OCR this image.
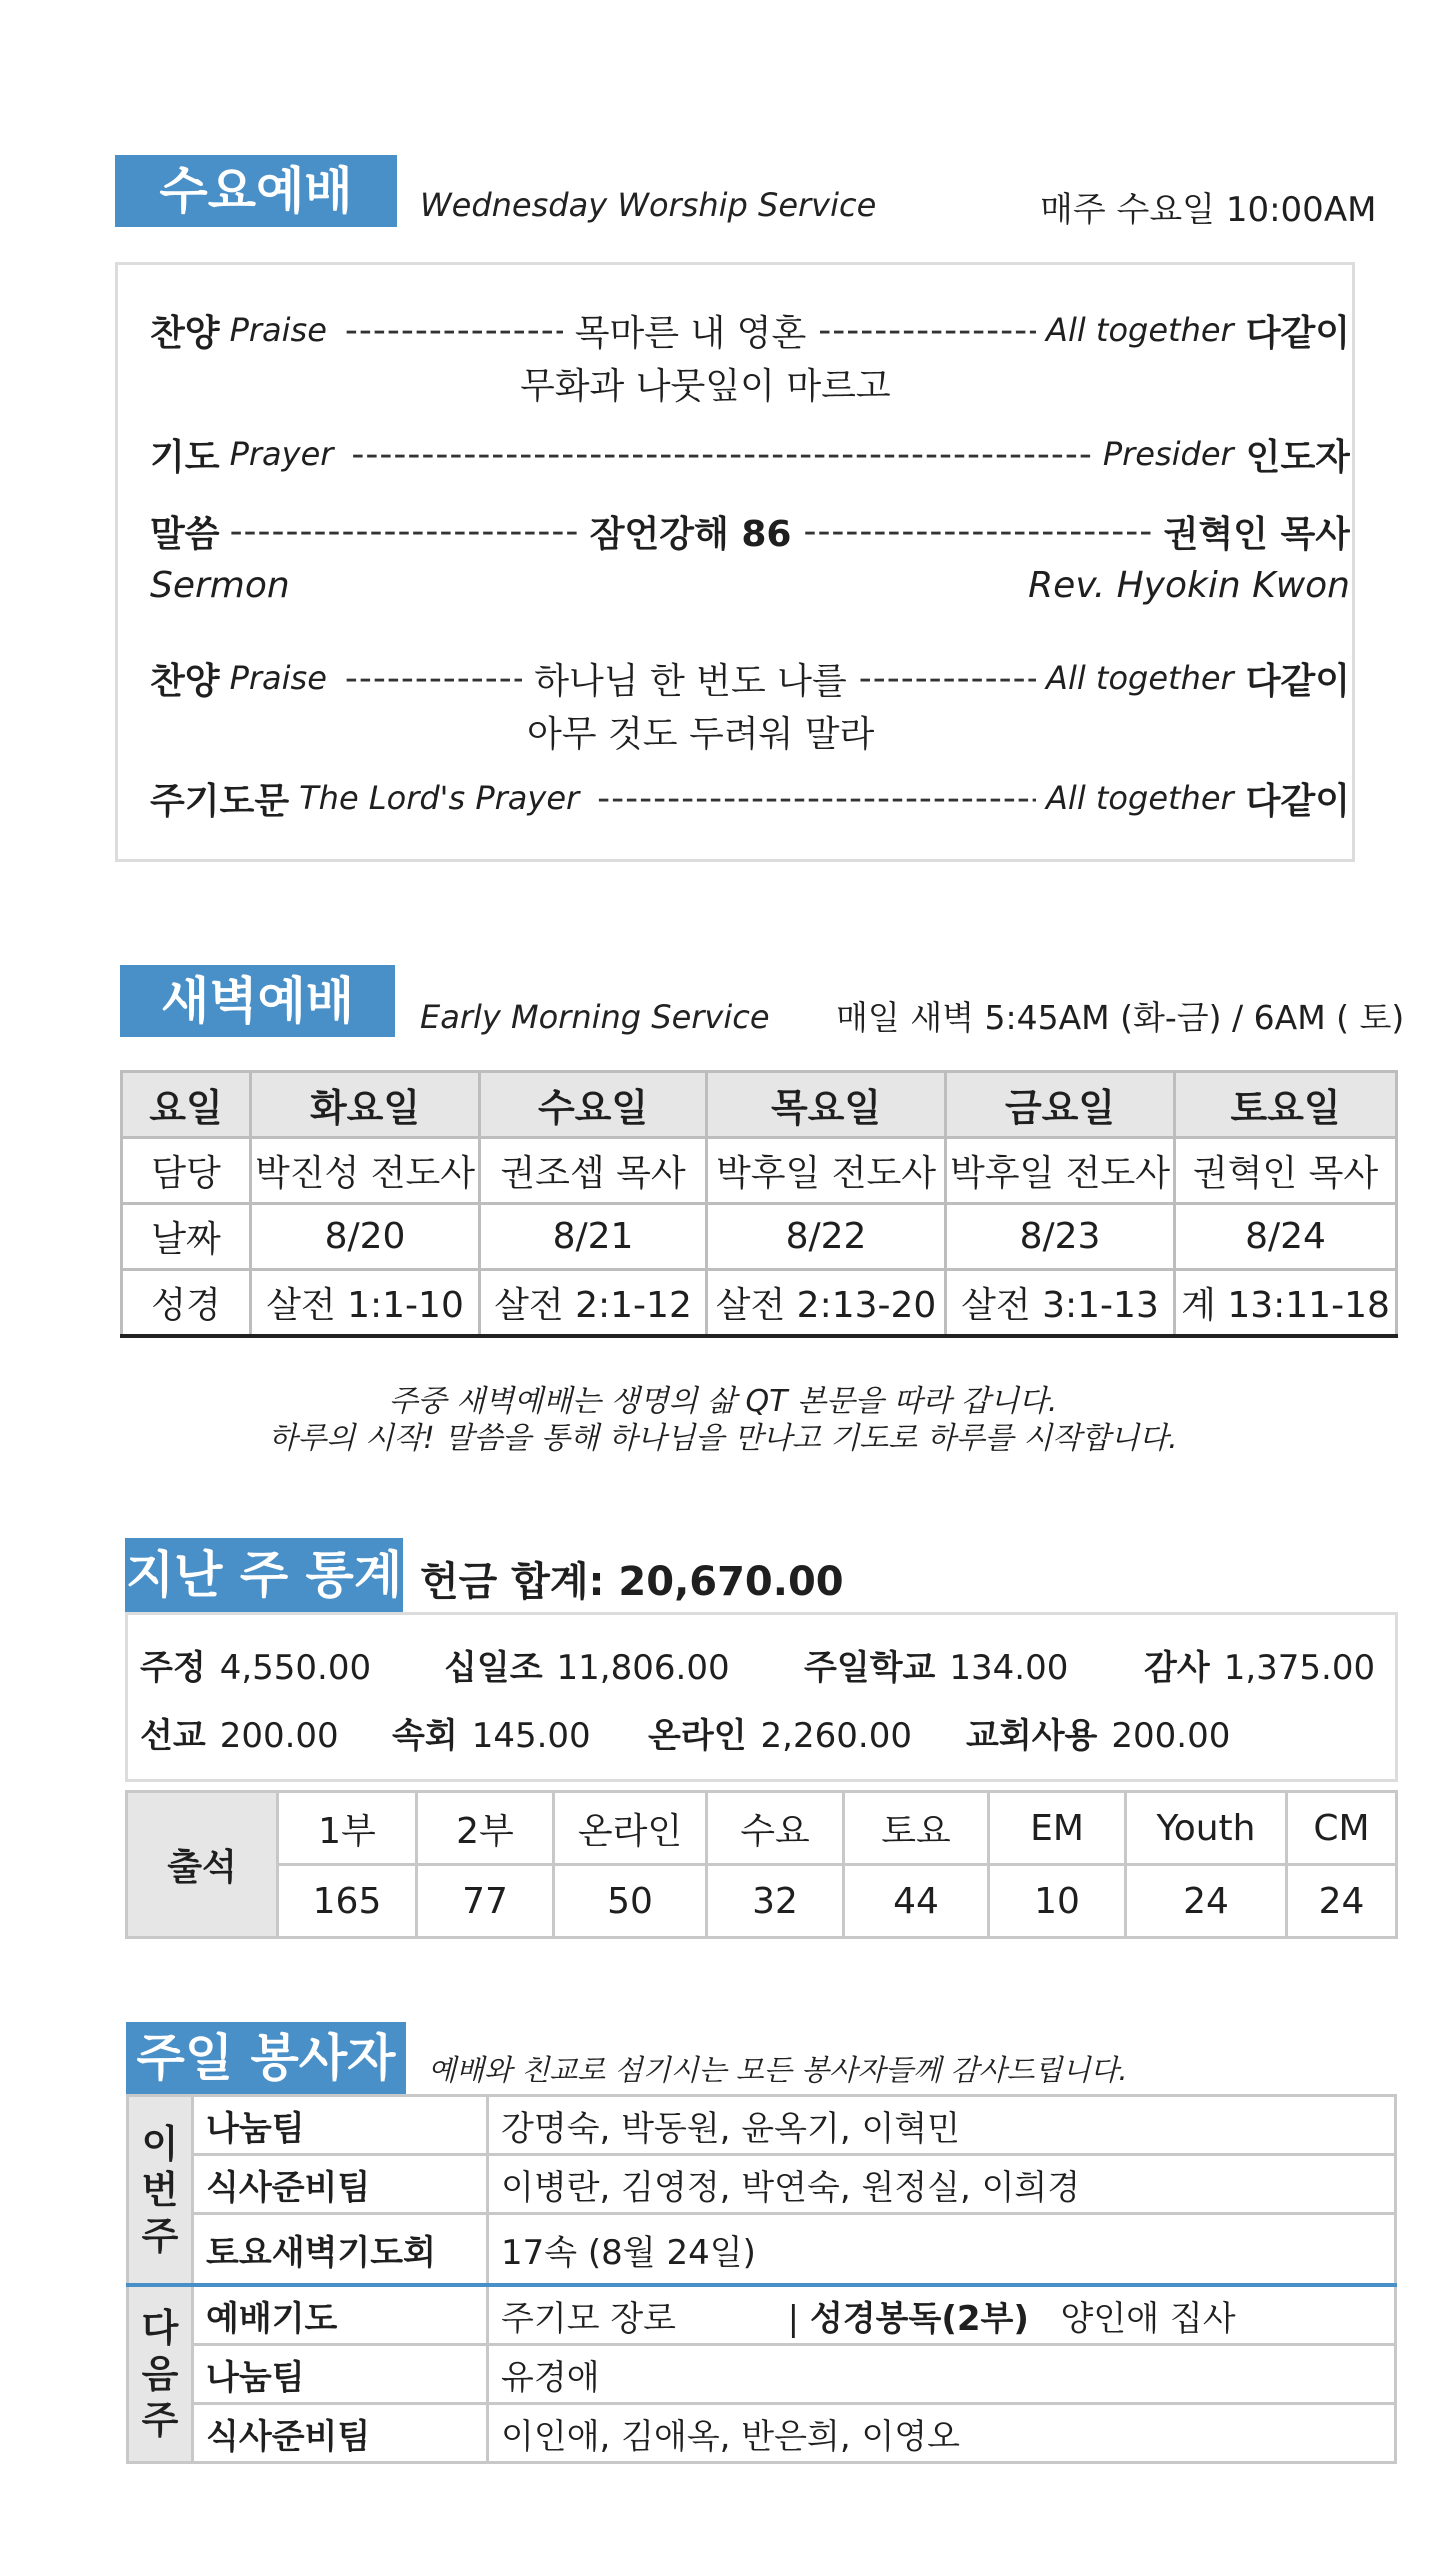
수요예배	Wednesday Worship Service	매주 수요일 10:00AM
찬양 Praise -----	목마른 내 영혼 -----	All together 다같이
무화과 나뭇잎이 마르고
기도 Prayer -----	Presider 인도자
말씀 -----	잠언강해 86 -----	권혁인 목사
Sermon	Rev. Hyokin Kwon
찬양 Praise -----	하나님 한 번도 나를 -----	All together 다같이
아무 것도 두려워 말라
주기도문 The Lord's Prayer -----	All together 다같이
새벽예배	Early Morning Service 매일 새벽 5:45AM (화-금) / 6AM ( 토)
요일	화요일	수요일	목요일	금요일	토요일
담당	박진성 전도사	권조셉 목사	박후일 전도사	박후일 전도사	권혁인 목사
날짜	8/20	8/21	8/22	8/23	8/24
성경	살전 1:1-10	살전 2:1-12	살전 2:13-20	살전 3:1-13	계 13:11-18
주중 새벽예배는 생명의 삶 QT 본문을 따라 갑니다.
하루의 시작! 말씀을 통해 하나님을 만나고 기도로 하루를 시작합니다.
지난 주 통계 헌금 합계: 20,670.00
주정 4,550.00 십일조 11,806.00 주일학교 134.00 감사 1,375.00
선교 200.00 속회 145.00 온라인 2,260.00 교회사용 200.00
출석	1부	2부	온라인	수요	토요	EM	Youth	CM
	165	77	50	32	44	10	24	24
주일 봉사자	예배와 친교로 섬기시는 모든 봉사자들께 감사드립니다.
이 번 주	나눔팀	강명숙, 박동원, 윤옥기, 이혁민
	식사준비팀	이병란, 김영정, 박연숙, 원정실, 이희경
	토요새벽기도회	17속 (8월 24일)
다 음 주	예배기도	주기모 장로 | 성경봉독(2부) 양인애 집사
	나눔팀	유경애
	식사준비팀	이인애, 김애옥, 반은희, 이영오
